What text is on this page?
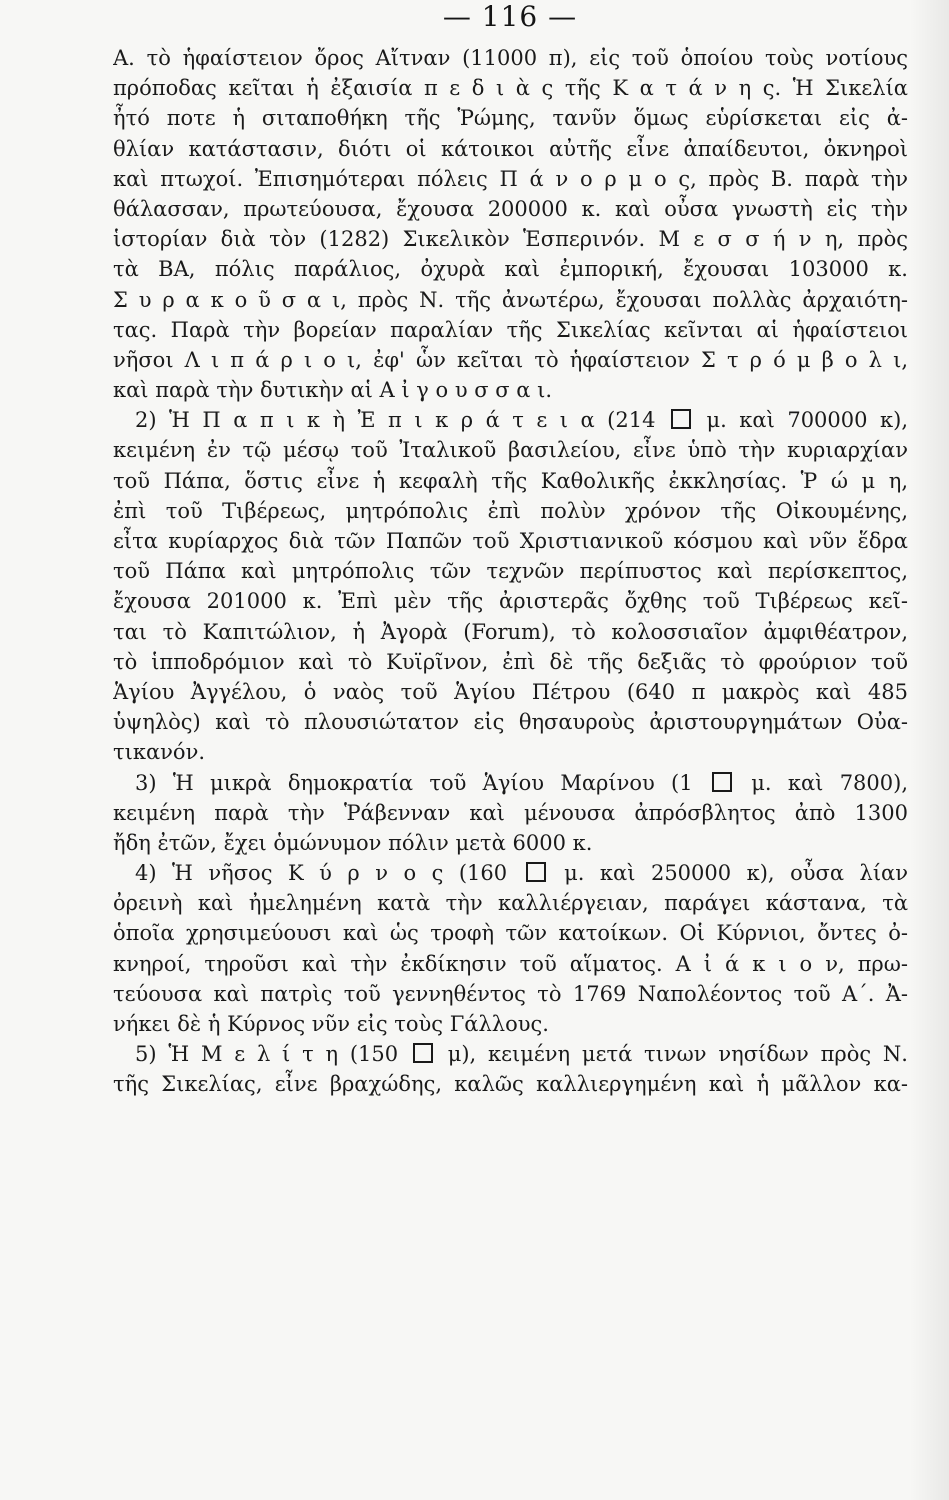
— 116 —
A. τὸ ἡφαίστειον ὄρος Αἴτναν (11000 π), εἰς τοῦ ὁποίου τοὺς νοτίους
πρόποδας κεῖται ἡ ἐξαισία π ε δ ι ὰ ς τῆς Κ α τ ά ν η ς. Ἡ Σικελία
ἦτό ποτε ἡ σιταποθήκη τῆς Ῥώμης, τανῦν ὅμως εὑρίσκεται εἰς ἀ-
θλίαν κατάστασιν, διότι οἱ κάτοικοι αὐτῆς εἶνε ἀπαίδευτοι, ὀκνηροὶ
καὶ πτωχοί. Ἐπισημότεραι πόλεις Π ά ν ο ρ μ ο ς, πρὸς Β. παρὰ τὴν
θάλασσαν, πρωτεύουσα, ἔχουσα 200000 κ. καὶ οὖσα γνωστὴ εἰς τὴν
ἱστορίαν διὰ τὸν (1282) Σικελικὸν Ἑσπερινόν. Μ ε σ σ ή ν η, πρὸς
τὰ ΒΑ, πόλις παράλιος, ὀχυρὰ καὶ ἐμπορική, ἔχουσαι 103000 κ.
Σ υ ρ α κ ο ῦ σ α ι, πρὸς Ν. τῆς ἀνωτέρω, ἔχουσαι πολλὰς ἀρχαιότη-
τας. Παρὰ τὴν βορείαν παραλίαν τῆς Σικελίας κεῖνται αἱ ἡφαίστειοι
νῆσοι Λ ι π ά ρ ι ο ι, ἐφ' ὧν κεῖται τὸ ἡφαίστειον Σ τ ρ ό μ β ο λ ι,
καὶ παρὰ τὴν δυτικὴν αἱ Α ἰ γ ο υ σ σ α ι.
2) Ἡ Π α π ι κ ὴ Ἐ π ι κ ρ ά τ ε ι α (214  μ. καὶ 700000 κ),
κειμένη ἐν τῷ μέσῳ τοῦ Ἰταλικοῦ βασιλείου, εἶνε ὑπὸ τὴν κυριαρχίαν
τοῦ Πάπα, ὅστις εἶνε ἡ κεφαλὴ τῆς Καθολικῆς ἐκκλησίας. Ῥ ώ μ η,
ἐπὶ τοῦ Τιβέρεως, μητρόπολις ἐπὶ πολὺν χρόνον τῆς Οἰκουμένης,
εἶτα κυρίαρχος διὰ τῶν Παπῶν τοῦ Χριστιανικοῦ κόσμου καὶ νῦν ἕδρα
τοῦ Πάπα καὶ μητρόπολις τῶν τεχνῶν περίπυστος καὶ περίσκεπτος,
ἔχουσα 201000 κ. Ἐπὶ μὲν τῆς ἀριστερᾶς ὄχθης τοῦ Τιβέρεως κεῖ-
ται τὸ Καπιτώλιον, ἡ Ἀγορὰ (Forum), τὸ κολοσσιαῖον ἀμφιθέατρον,
τὸ ἱπποδρόμιον καὶ τὸ Κυϊρῖνον, ἐπὶ δὲ τῆς δεξιᾶς τὸ φρούριον τοῦ
Ἁγίου Ἀγγέλου, ὁ ναὸς τοῦ Ἁγίου Πέτρου (640 π μακρὸς καὶ 485
ὑψηλὸς) καὶ τὸ πλουσιώτατον εἰς θησαυροὺς ἀριστουργημάτων Οὐα-
τικανόν.
3) Ἡ μικρὰ δημοκρατία τοῦ Ἁγίου Μαρίνου (1  μ. καὶ 7800),
κειμένη παρὰ τὴν Ῥάβενναν καὶ μένουσα ἀπρόσβλητος ἀπὸ 1300
ἤδη ἐτῶν, ἔχει ὁμώνυμον πόλιν μετὰ 6000 κ.
4) Ἡ νῆσος Κ ύ ρ ν ο ς (160  μ. καὶ 250000 κ), οὖσα λίαν
ὀρεινὴ καὶ ἠμελημένη κατὰ τὴν καλλιέργειαν, παράγει κάστανα, τὰ
ὁποῖα χρησιμεύουσι καὶ ὡς τροφὴ τῶν κατοίκων. Οἱ Κύρνιοι, ὄντες ὀ-
κνηροί, τηροῦσι καὶ τὴν ἐκδίκησιν τοῦ αἵματος. Α ἰ ά κ ι ο ν, πρω-
τεύουσα καὶ πατρὶς τοῦ γεννηθέντος τὸ 1769 Ναπολέοντος τοῦ Α΄. Ἀ-
νήκει δὲ ἡ Κύρνος νῦν εἰς τοὺς Γάλλους.
5) Ἡ Μ ε λ ί τ η (150  μ), κειμένη μετά τινων νησίδων πρὸς Ν.
τῆς Σικελίας, εἶνε βραχώδης, καλῶς καλλιεργημένη καὶ ἡ μᾶλλον κα-
